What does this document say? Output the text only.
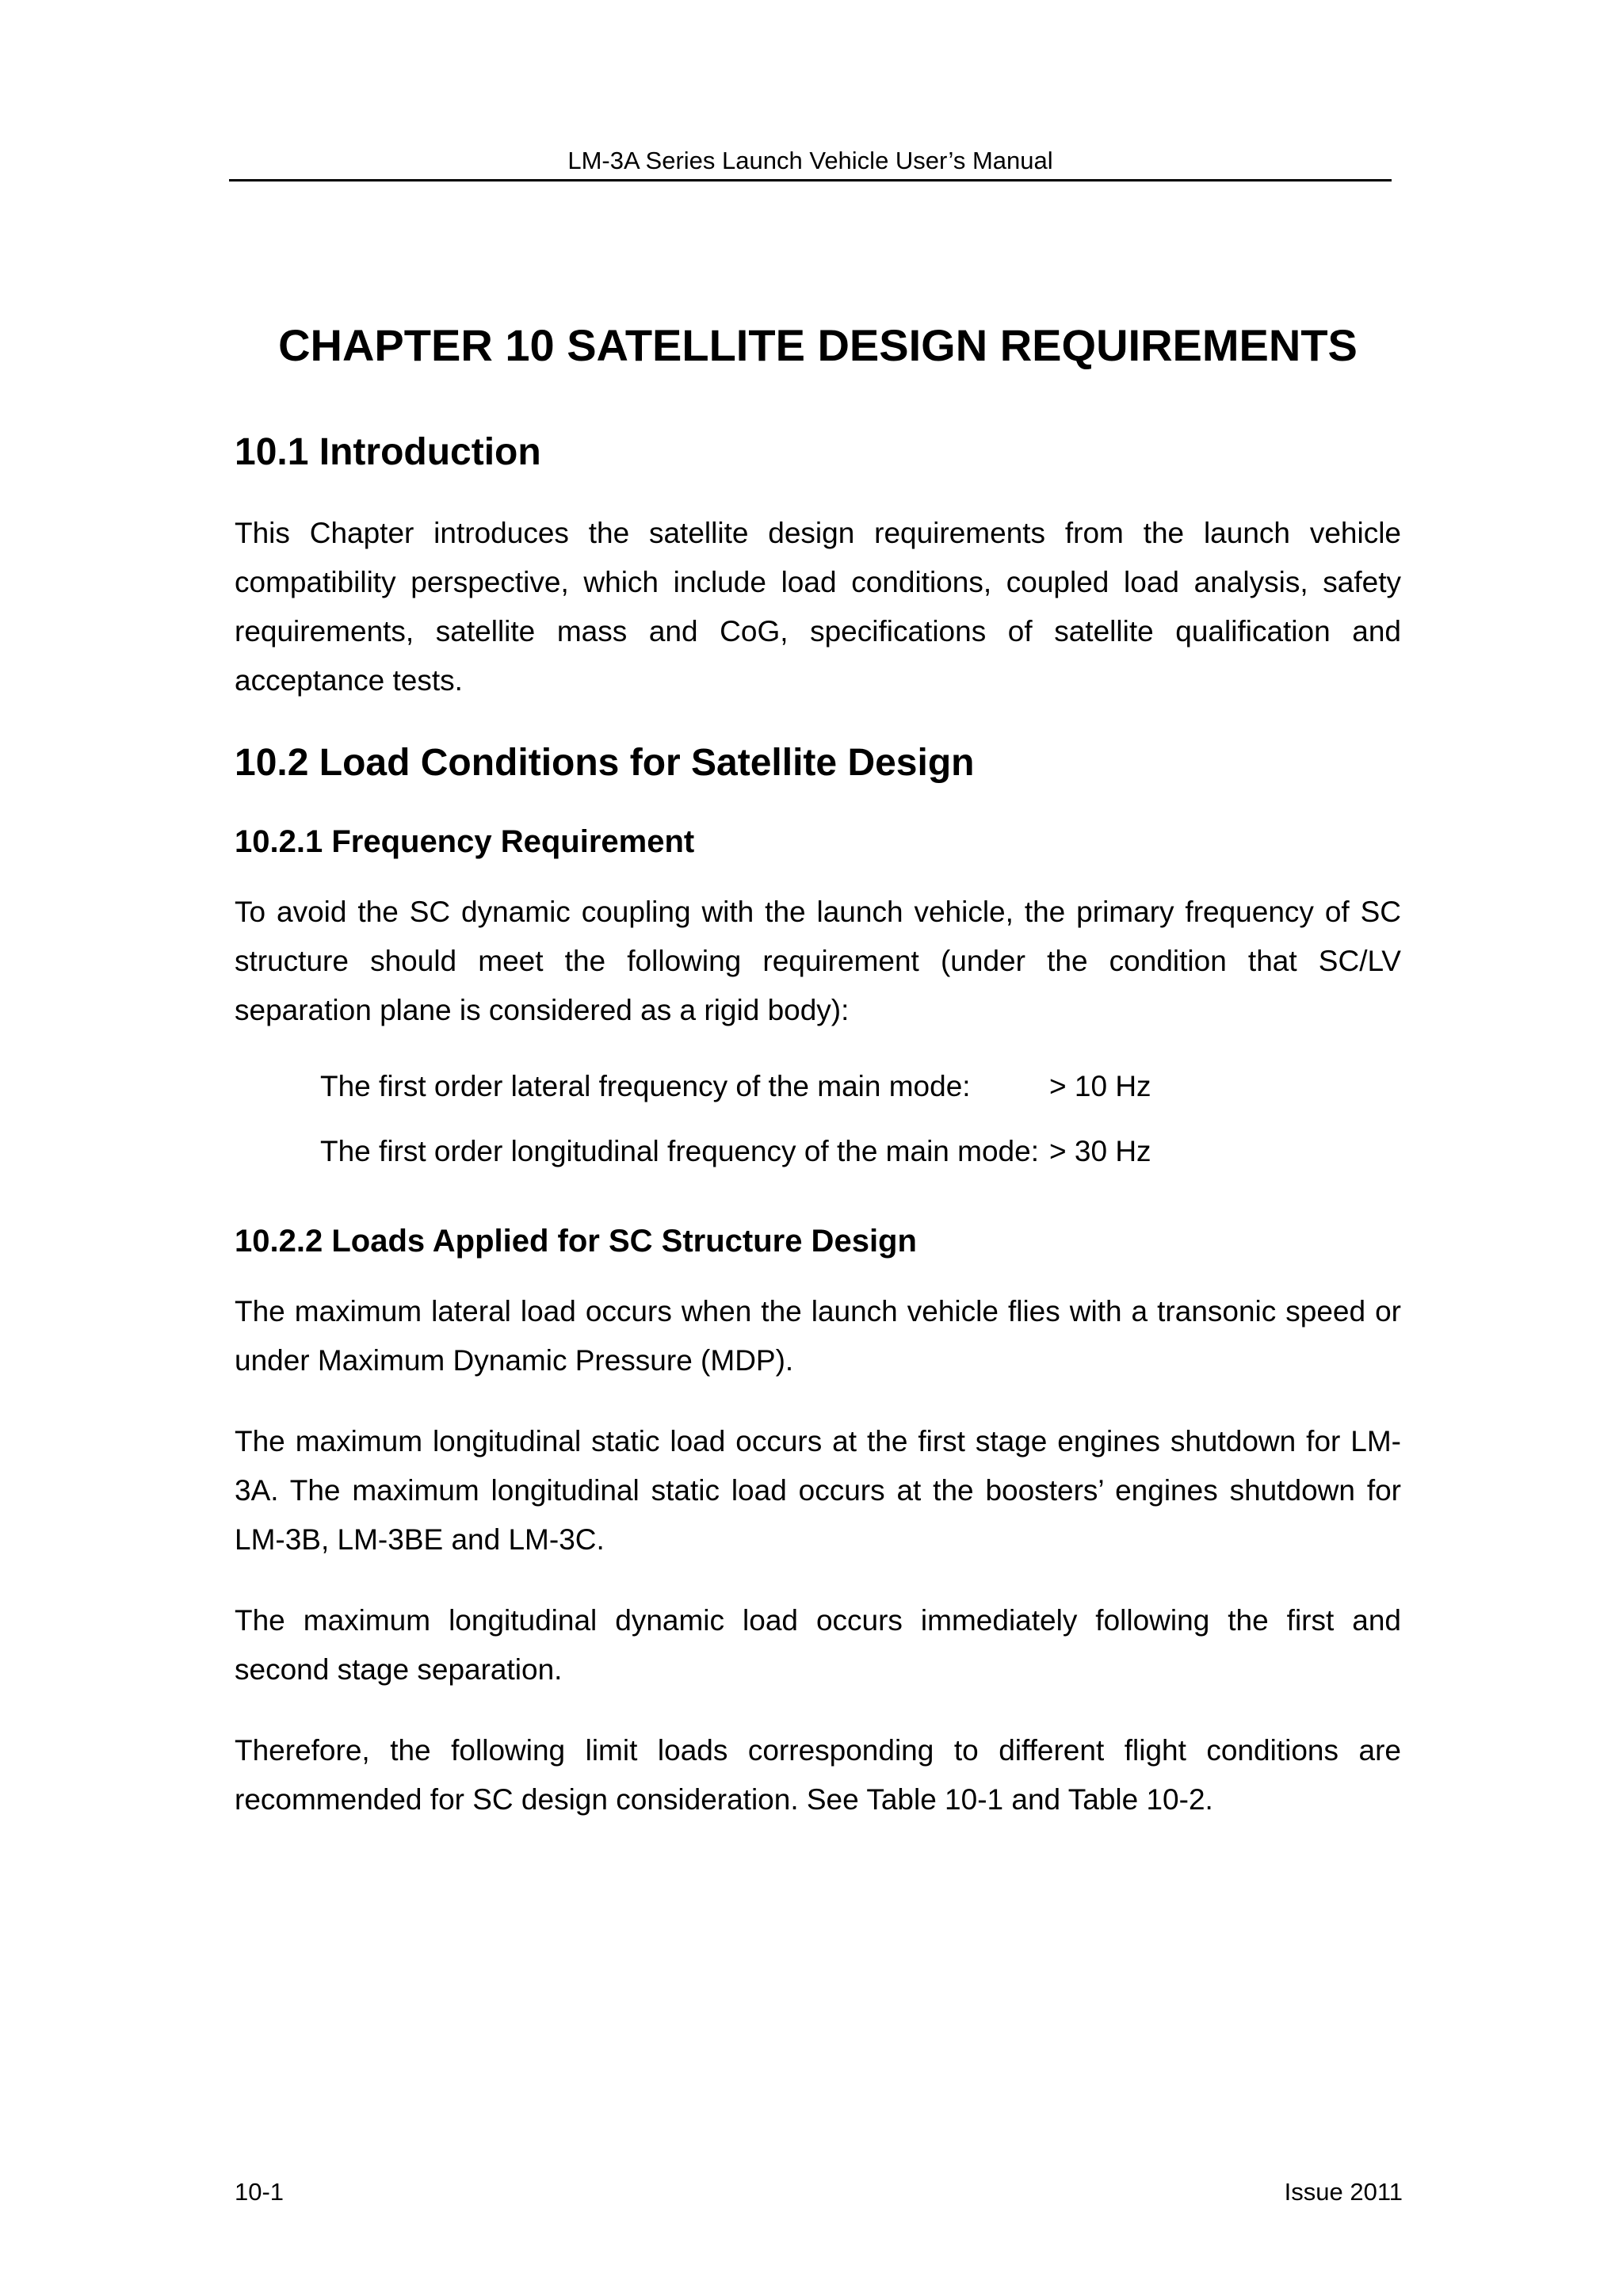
LM-3A Series Launch Vehicle User’s Manual
CHAPTER 10 SATELLITE DESIGN REQUIREMENTS
10.1 Introduction

This Chapter introduces the satellite design requirements from the launch vehicle compatibility perspective, which include load conditions, coupled load analysis, safety requirements, satellite mass and CoG, specifications of satellite qualification and acceptance tests.

10.2 Load Conditions for Satellite Design
10.2.1 Frequency Requirement

To avoid the SC dynamic coupling with the launch vehicle, the primary frequency of SC structure should meet the following requirement (under the condition that SC/LV separation plane is considered as a rigid body):

The first order lateral frequency of the main mode:	> 10 Hz
The first order longitudinal frequency of the main mode: > 30 Hz
10.2.2 Loads Applied for SC Structure Design

The maximum lateral load occurs when the launch vehicle flies with a transonic speed or under Maximum Dynamic Pressure (MDP).

The maximum longitudinal static load occurs at the first stage engines shutdown for LM-3A. The maximum longitudinal static load occurs at the boosters’ engines shutdown for LM-3B, LM-3BE and LM-3C.

The maximum longitudinal dynamic load occurs immediately following the first and second stage separation.

Therefore, the following limit loads corresponding to different flight conditions are recommended for SC design consideration. See Table 10-1 and Table 10-2.

10-1	Issue 2011
